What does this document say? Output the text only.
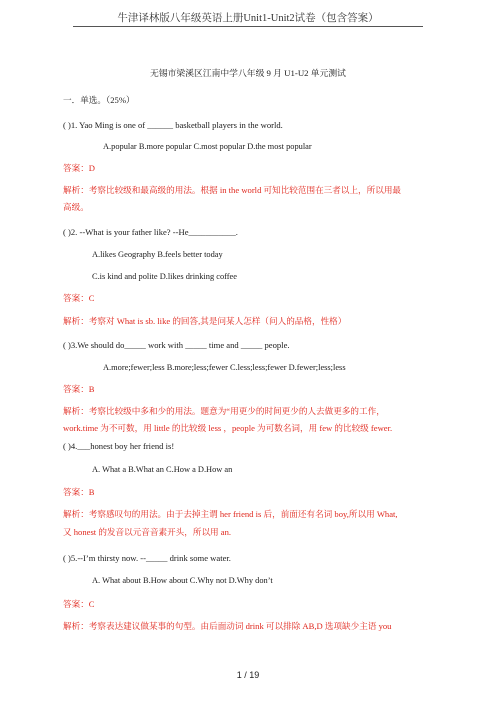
牛津译林版八年级英语上册Unit1-Unit2试卷（包含答案）
无锡市梁溪区江南中学八年级 9 月 U1-U2 单元测试
一．单选。（25%）
( )1. Yao Ming is one of ______ basketball players in the world.
A.popular B.more popular C.most popular D.the most popular
答案：D
解析：考察比较级和最高级的用法。根据 in the world 可知比较范围在三者以上，所以用最
高级。
( )2. --What is your father like? --He___________.
A.likes Geography B.feels better today
C.is kind and polite D.likes drinking coffee
答案：C
解析：考察对 What is sb. like 的回答,其是问某人怎样（问人的品格，性格）
( )3.We should do_____ work with _____ time and _____ people.
A.more;fewer;less B.more;less;fewer C.less;less;fewer D.fewer;less;less
答案：B
解析：考察比较级中多和少的用法。题意为“用更少的时间更少的人去做更多的工作，
work.time 为不可数，用 little 的比较级 less ，people 为可数名词，用 few 的比较级 fewer.
( )4.___honest boy her friend is!
A. What a B.What an C.How a D.How an
答案：B
解析：考察感叹句的用法。由于去掉主谓 her friend is 后，前面还有名词 boy,所以用 What,
又 honest 的发音以元音音素开头，所以用 an.
( )5.--I’m thirsty now. --_____ drink some water.
A. What about B.How about C.Why not D.Why don’t
答案：C
解析：考察表达建议做某事的句型。由后面动词 drink 可以排除 AB,D 选项缺少主语 you
1 / 19
